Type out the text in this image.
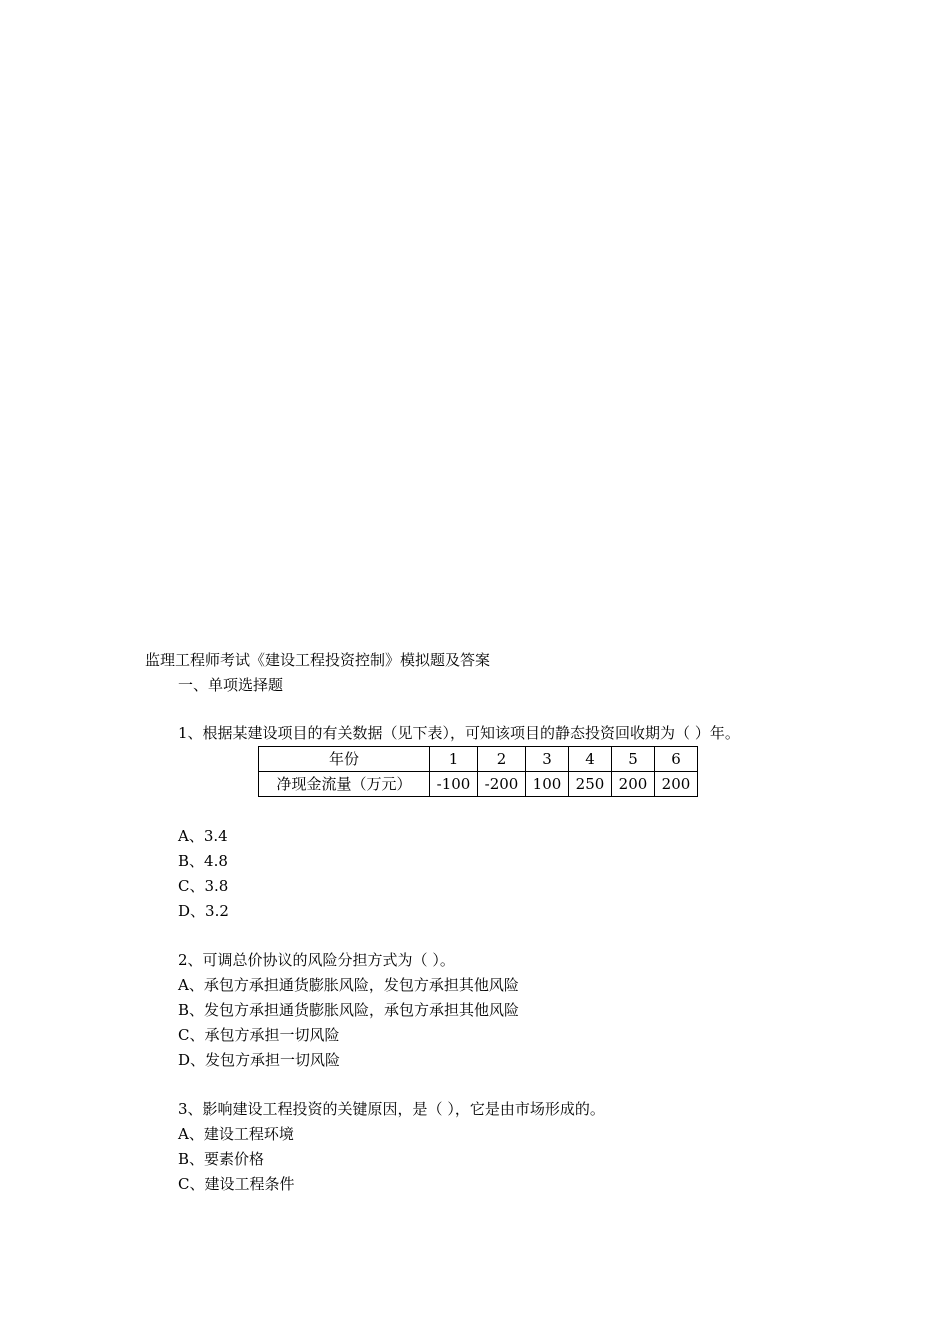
监理工程师考试《建设工程投资控制》模拟题及答案
一、单项选择题
1、根据某建设项目的有关数据（见下表），可知该项目的静态投资回收期为（ ）年。
年份	1	2	3	4	5	6
净现金流量（万元）	-100	-200	100	250	200	200
A、3.4
B、4.8
C、3.8
D、3.2
2、可调总价协议的风险分担方式为（ ）。
A、承包方承担通货膨胀风险，发包方承担其他风险
B、发包方承担通货膨胀风险，承包方承担其他风险
C、承包方承担一切风险
D、发包方承担一切风险
3、影响建设工程投资的关键原因，是（ ），它是由市场形成的。
A、建设工程环境
B、要素价格
C、建设工程条件
